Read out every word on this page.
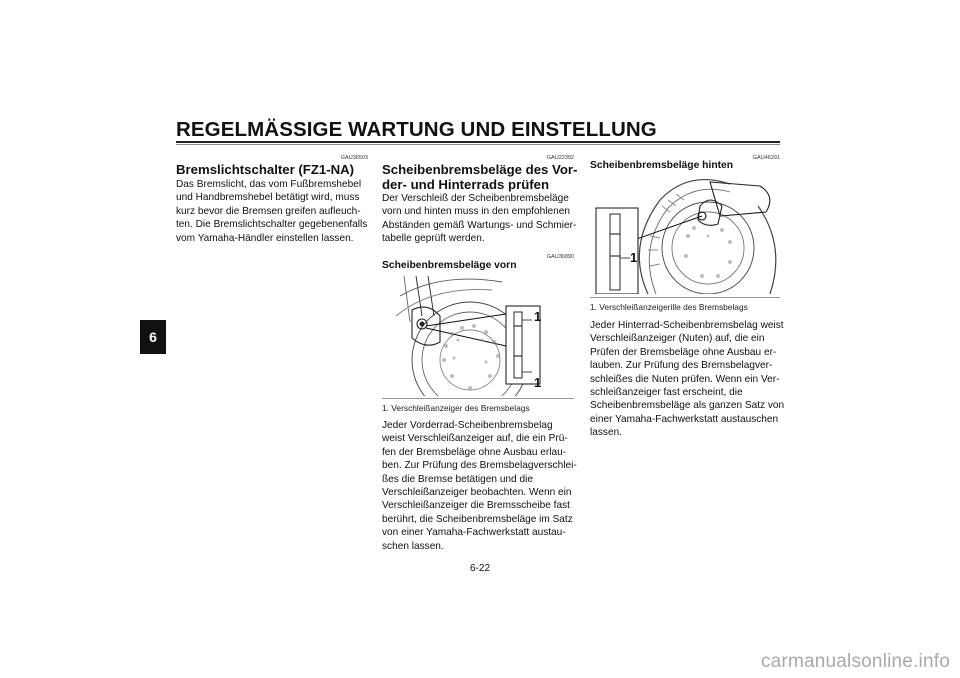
REGELMÄSSIGE WARTUNG UND EINSTELLUNG
6
GAU36503
Bremslichtschalter (FZ1-NA)
Das Bremslicht, das vom Fußbremshebel
und Handbremshebel betätigt wird, muss
kurz bevor die Bremsen greifen aufleuch-
ten. Die Bremslichtschalter gegebenenfalls
vom Yamaha-Händler einstellen lassen.
GAU22392
Scheibenbremsbeläge des Vor-
der- und Hinterrads prüfen
Der Verschleiß der Scheibenbremsbeläge
vorn und hinten muss in den empfohlenen
Abständen gemäß Wartungs- und Schmier-
tabelle geprüft werden.
GAU36890
Scheibenbremsbeläge vorn
1
1
1. Verschleißanzeiger des Bremsbelags
Jeder Vorderrad-Scheibenbremsbelag
weist Verschleißanzeiger auf, die ein Prü-
fen der Bremsbeläge ohne Ausbau erlau-
ben. Zur Prüfung des Bremsbelagverschlei-
ßes die Bremse betätigen und die
Verschleißanzeiger beobachten. Wenn ein
Verschleißanzeiger die Bremsscheibe fast
berührt, die Scheibenbremsbeläge im Satz
von einer Yamaha-Fachwerkstatt austau-
schen lassen.
GAU46291
Scheibenbremsbeläge hinten
1
1. Verschleißanzeigerille des Bremsbelags
Jeder Hinterrad-Scheibenbremsbelag weist
Verschleißanzeiger (Nuten) auf, die ein
Prüfen der Bremsbeläge ohne Ausbau er-
lauben. Zur Prüfung des Bremsbelagver-
schleißes die Nuten prüfen. Wenn ein Ver-
schleißanzeiger fast erscheint, die
Scheibenbremsbeläge als ganzen Satz von
einer Yamaha-Fachwerkstatt austauschen
lassen.
6-22
carmanualsonline.info
